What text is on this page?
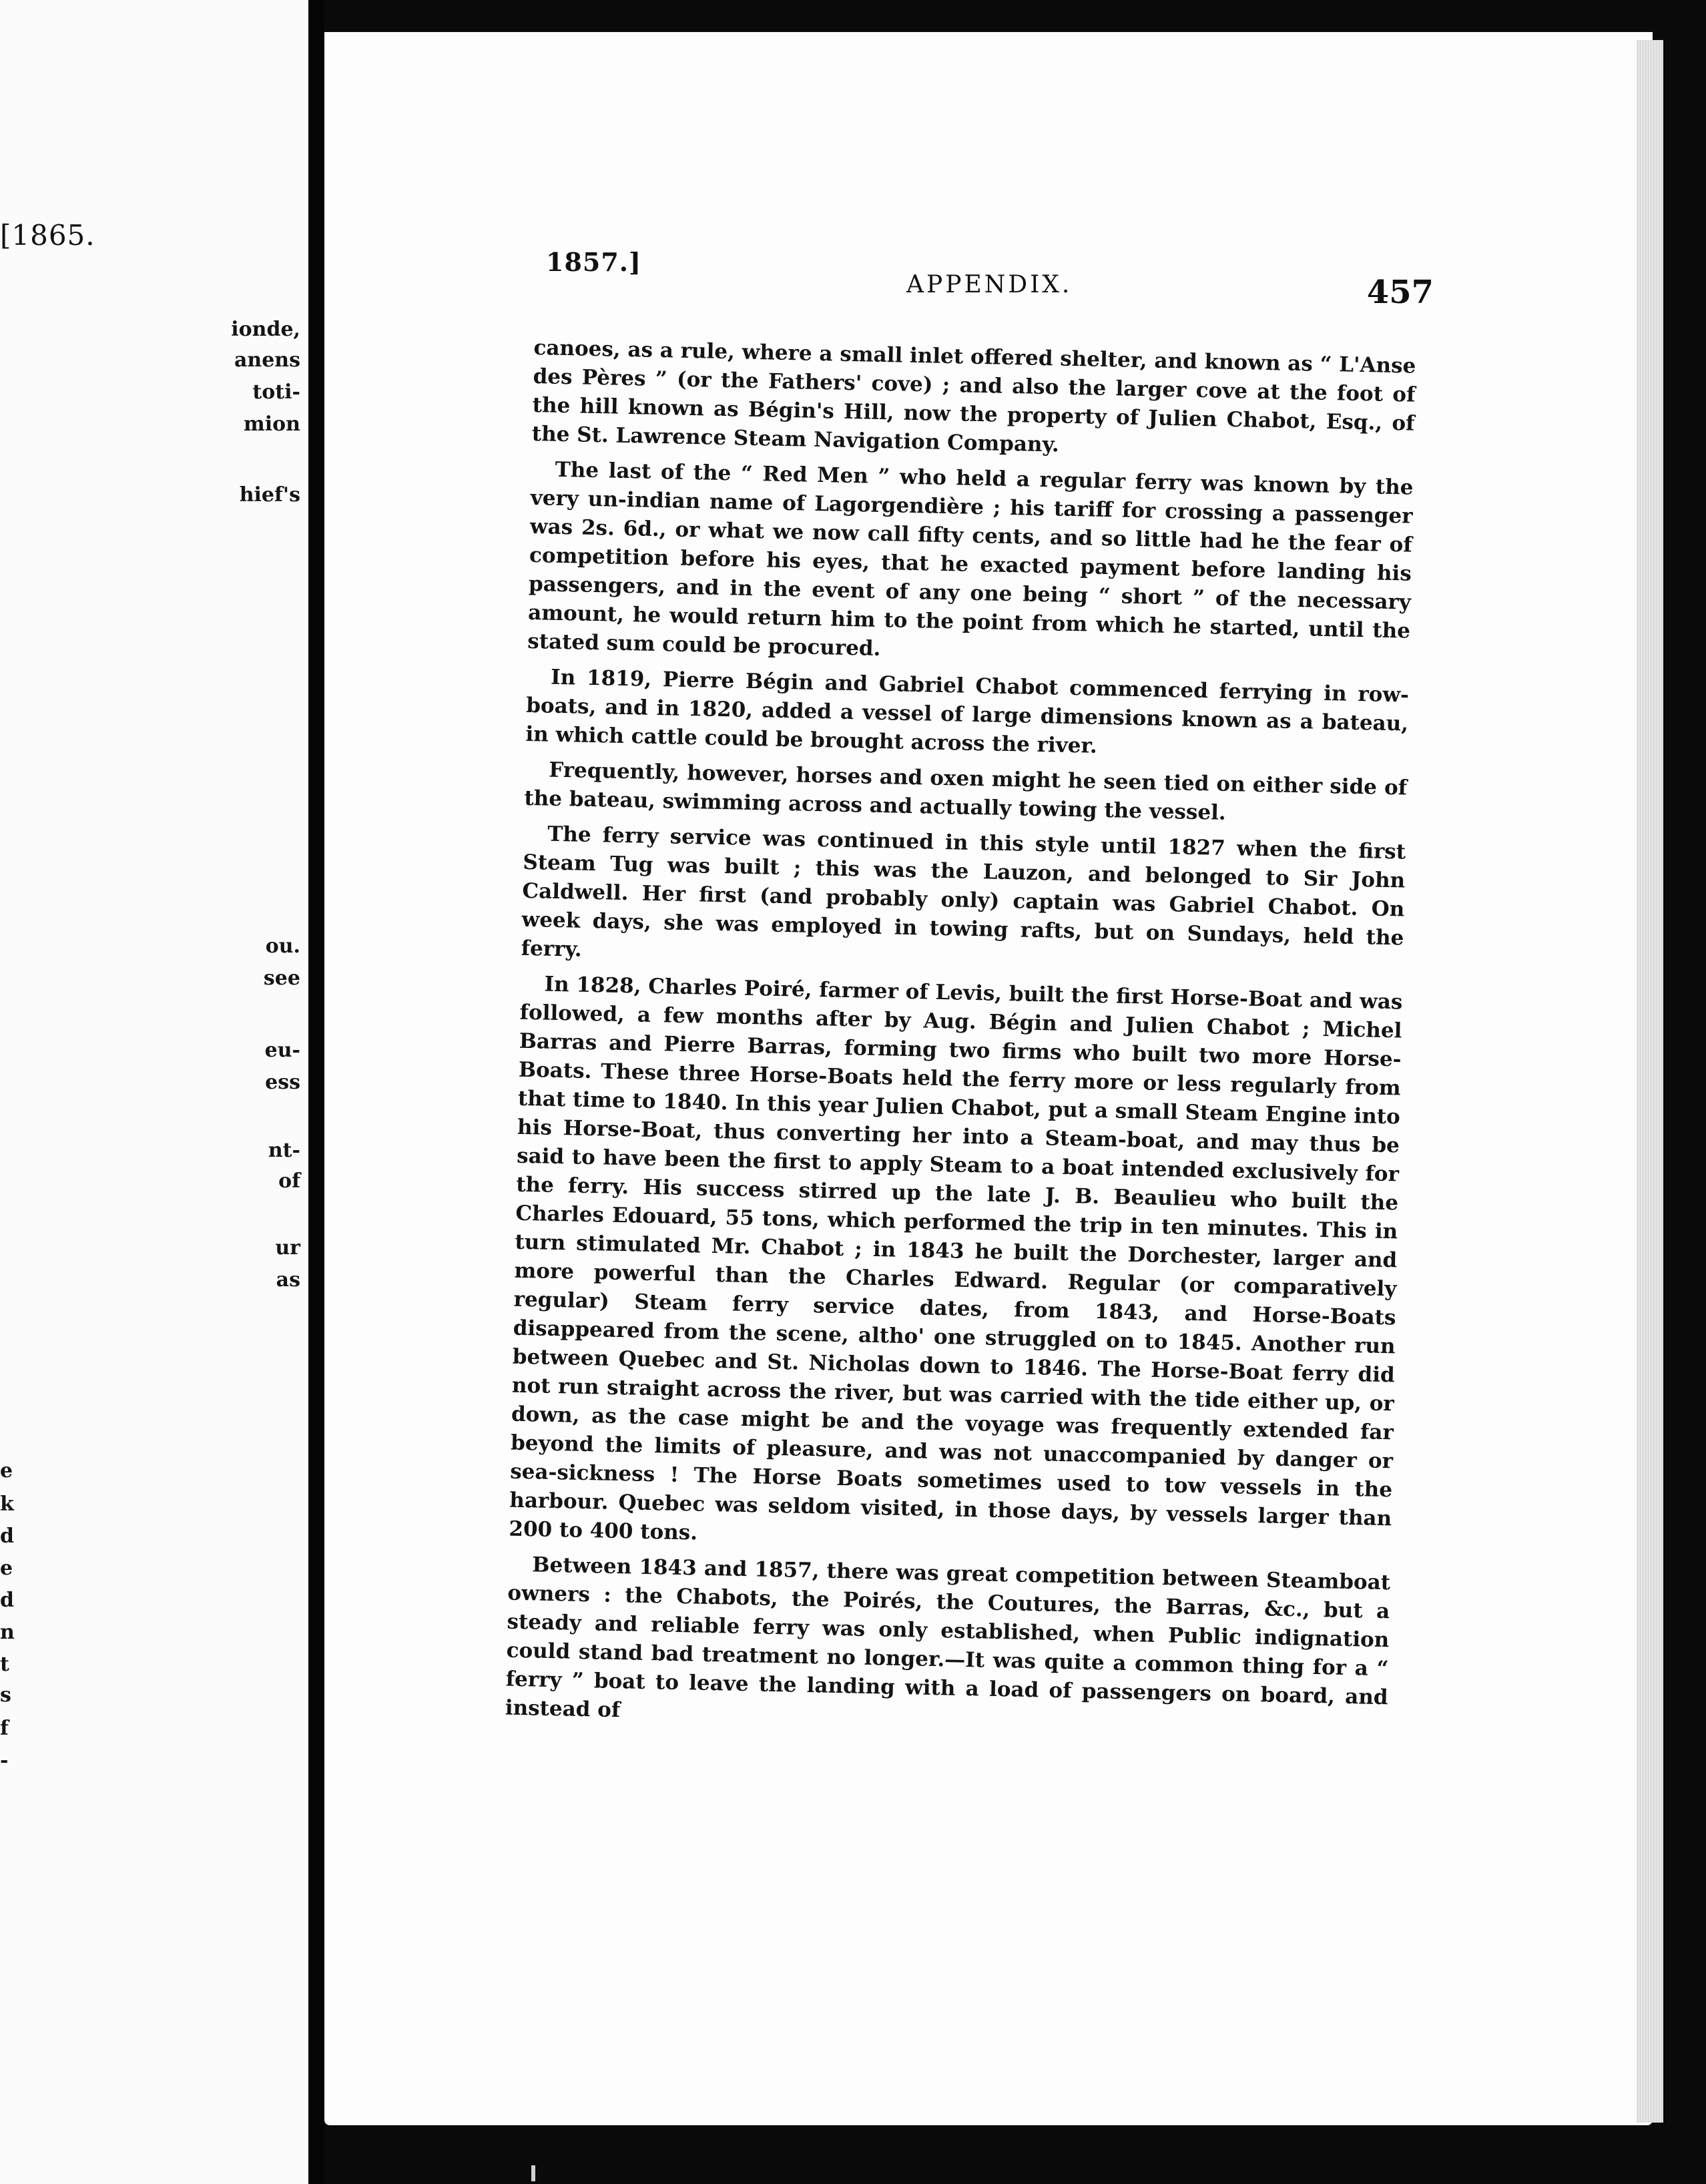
[1865.
ionde,
anens
toti-
mion
hief's
ou.
see
eu-
ess
nt-
of
ur
as
e
k
d
e
d
n
t
s
f
-
1857.]
APPENDIX.	457

canoes, as a rule, where a small inlet offered shelter, and known as “ L'Anse des Pères ” (or the Fathers' cove) ; and also the larger cove at the foot of the hill known as Bégin's Hill, now the property of Julien Chabot, Esq., of the St. Lawrence Steam Navigation Company.

The last of the “ Red Men ” who held a regular ferry was known by the very un-indian name of Lagorgendière ; his tariff for crossing a passenger was 2s. 6d., or what we now call fifty cents, and so little had he the fear of competition before his eyes, that he exacted payment before landing his passengers, and in the event of any one being “ short ” of the necessary amount, he would return him to the point from which he started, until the stated sum could be procured.

In 1819, Pierre Bégin and Gabriel Chabot commenced ferrying in row-boats, and in 1820, added a vessel of large dimensions known as a bateau, in which cattle could be brought across the river.

Frequently, however, horses and oxen might he seen tied on either side of the bateau, swimming across and actually towing the vessel.

The ferry service was continued in this style until 1827 when the first Steam Tug was built ; this was the Lauzon, and belonged to Sir John Caldwell. Her first (and probably only) captain was Gabriel Chabot. On week days, she was employed in towing rafts, but on Sundays, held the ferry.

In 1828, Charles Poiré, farmer of Levis, built the first Horse-Boat and was followed, a few months after by Aug. Bégin and Julien Chabot ; Michel Barras and Pierre Barras, forming two firms who built two more Horse-Boats. These three Horse-Boats held the ferry more or less regularly from that time to 1840. In this year Julien Chabot, put a small Steam Engine into his Horse-Boat, thus converting her into a Steam-boat, and may thus be said to have been the first to apply Steam to a boat intended exclusively for the ferry. His success stirred up the late J. B. Beaulieu who built the Charles Edouard, 55 tons, which performed the trip in ten minutes. This in turn stimulated Mr. Chabot ; in 1843 he built the Dorchester, larger and more powerful than the Charles Edward. Regular (or comparatively regular) Steam ferry service dates, from 1843, and Horse-Boats disappeared from the scene, altho' one struggled on to 1845. Another run between Quebec and St. Nicholas down to 1846. The Horse-Boat ferry did not run straight across the river, but was carried with the tide either up, or down, as the case might be and the voyage was frequently extended far beyond the limits of pleasure, and was not unaccompanied by danger or sea-sickness ! The Horse Boats sometimes used to tow vessels in the harbour. Quebec was seldom visited, in those days, by vessels larger than 200 to 400 tons.

Between 1843 and 1857, there was great competition between Steamboat owners : the Chabots, the Poirés, the Coutures, the Barras, &c., but a steady and reliable ferry was only established, when Public indignation could stand bad treatment no longer.—It was quite a common thing for a “ ferry ” boat to leave the landing with a load of passengers on board, and instead of
